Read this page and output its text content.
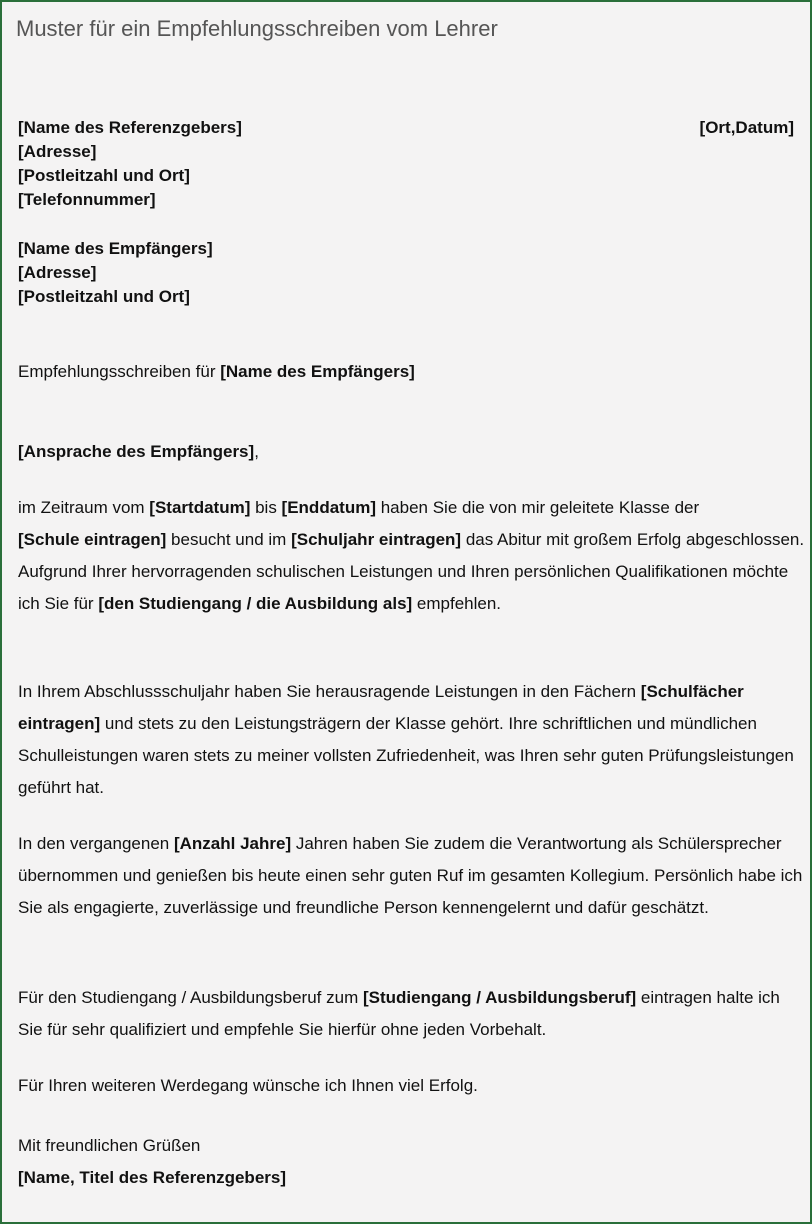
Muster für ein Empfehlungsschreiben vom Lehrer
[Name des Referenzgebers]
[Adresse]
[Postleitzahl und Ort]
[Telefonnummer]
[Ort,Datum]
[Name des Empfängers]
[Adresse]
[Postleitzahl und Ort]
Empfehlungsschreiben für [Name des Empfängers]
[Ansprache des Empfängers],
im Zeitraum vom [Startdatum] bis [Enddatum] haben Sie die von mir geleitete Klasse der
[Schule eintragen] besucht und im [Schuljahr eintragen] das Abitur mit großem Erfolg abgeschlossen. Aufgrund Ihrer hervorragenden schulischen Leistungen und Ihren persönlichen Qualifikationen möchte ich Sie für [den Studiengang / die Ausbildung als] empfehlen.
In Ihrem Abschlussschuljahr haben Sie herausragende Leistungen in den Fächern [Schulfächer eintragen] und stets zu den Leistungsträgern der Klasse gehört. Ihre schriftlichen und mündlichen Schulleistungen waren stets zu meiner vollsten Zufriedenheit, was Ihren sehr guten Prüfungsleistungen geführt hat.
In den vergangenen [Anzahl Jahre] Jahren haben Sie zudem die Verantwortung als Schülersprecher übernommen und genießen bis heute einen sehr guten Ruf im gesamten Kollegium. Persönlich habe ich Sie als engagierte, zuverlässige und freundliche Person kennengelernt und dafür geschätzt.
Für den Studiengang / Ausbildungsberuf zum [Studiengang / Ausbildungsberuf] eintragen halte ich Sie für sehr qualifiziert und empfehle Sie hierfür ohne jeden Vorbehalt.
Für Ihren weiteren Werdegang wünsche ich Ihnen viel Erfolg.
Mit freundlichen Grüßen
[Name, Titel des Referenzgebers]
